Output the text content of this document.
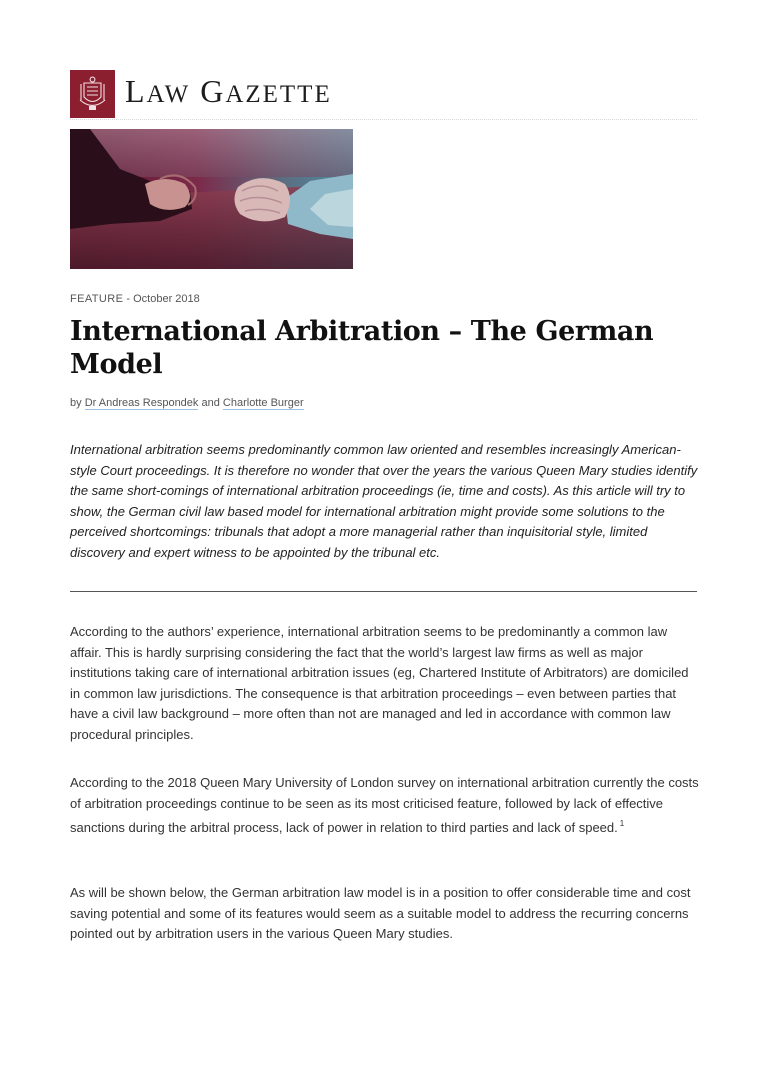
LAW GAZETTE
FEATURE - October 2018
International Arbitration – The German Model
by Dr Andreas Respondek and Charlotte Burger

International arbitration seems predominantly common law oriented and resembles increasingly American-style Court proceedings. It is therefore no wonder that over the years the various Queen Mary studies identify the same short-comings of international arbitration proceedings (ie, time and costs). As this article will try to show, the German civil law based model for international arbitration might provide some solutions to the perceived shortcomings: tribunals that adopt a more managerial rather than inquisitorial style, limited discovery and expert witness to be appointed by the tribunal etc.

According to the authors’ experience, international arbitration seems to be predominantly a common law affair. This is hardly surprising considering the fact that the world’s largest law firms as well as major institutions taking care of international arbitration issues (eg, Chartered Institute of Arbitrators) are domiciled in common law jurisdictions. The consequence is that arbitration proceedings – even between parties that have a civil law background – more often than not are managed and led in accordance with common law procedural principles.

According to the 2018 Queen Mary University of London survey on international arbitration currently the costs of arbitration proceedings continue to be seen as its most criticised feature, followed by lack of effective sanctions during the arbitral process, lack of power in relation to third parties and lack of speed. $^1$

As will be shown below, the German arbitration law model is in a position to offer considerable time and cost saving potential and some of its features would seem as a suitable model to address the recurring concerns pointed out by arbitration users in the various Queen Mary studies.
